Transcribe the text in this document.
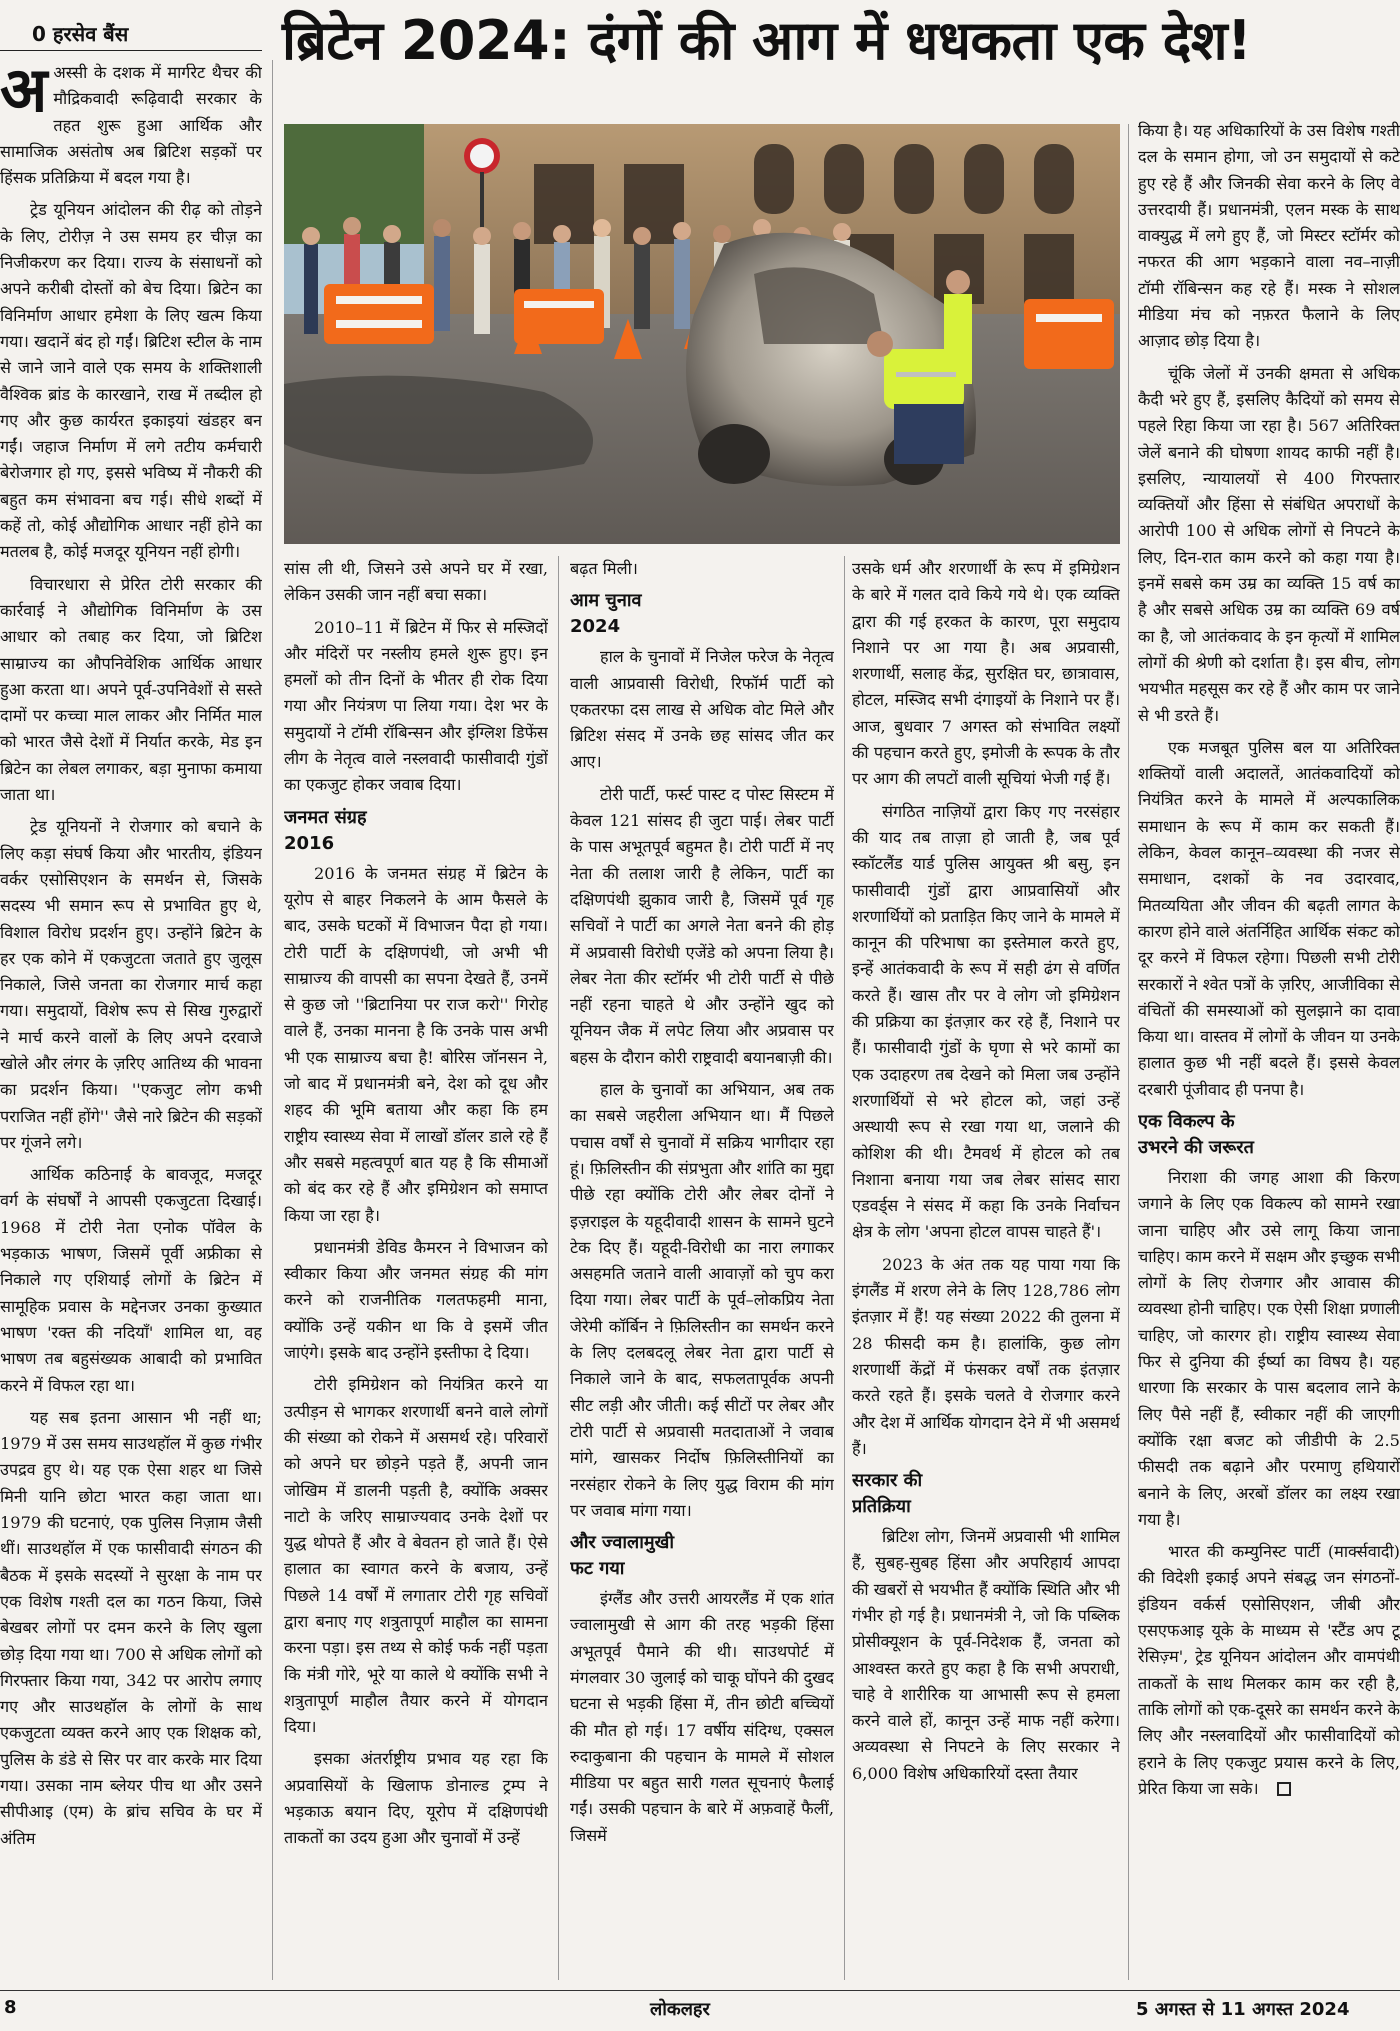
0 हरसेव बैंस	ब्रिटेन 2024: दंगों की आग में धधकता एक देश!

अअस्सी के दशक में मार्गरेट थैचर की मौद्रिकवादी रूढ़िवादी सरकार के तहत शुरू हुआ आर्थिक और सामाजिक असंतोष अब ब्रिटिश सड़कों पर हिंसक प्रतिक्रिया में बदल गया है।

ट्रेड यूनियन आंदोलन की रीढ़ को तोड़ने के लिए, टोरीज़ ने उस समय हर चीज़ का निजीकरण कर दिया। राज्य के संसाधनों को अपने करीबी दोस्तों को बेच दिया। ब्रिटेन का विनिर्माण आधार हमेशा के लिए खत्म किया गया। खदानें बंद हो गईं। ब्रिटिश स्टील के नाम से जाने जाने वाले एक समय के शक्तिशाली वैश्विक ब्रांड के कारखाने, राख में तब्दील हो गए और कुछ कार्यरत इकाइयां खंडहर बन गईं। जहाज निर्माण में लगे तटीय कर्मचारी बेरोजगार हो गए, इससे भविष्य में नौकरी की बहुत कम संभावना बच गई। सीधे शब्दों में कहें तो, कोई औद्योगिक आधार नहीं होने का मतलब है, कोई मजदूर यूनियन नहीं होगी।

विचारधारा से प्रेरित टोरी सरकार की कार्रवाई ने औद्योगिक विनिर्माण के उस आधार को तबाह कर दिया, जो ब्रिटिश साम्राज्य का औपनिवेशिक आर्थिक आधार हुआ करता था। अपने पूर्व-उपनिवेशों से सस्ते दामों पर कच्चा माल लाकर और निर्मित माल को भारत जैसे देशों में निर्यात करके, मेड इन ब्रिटेन का लेबल लगाकर, बड़ा मुनाफा कमाया जाता था।

ट्रेड यूनियनों ने रोजगार को बचाने के लिए कड़ा संघर्ष किया और भारतीय, इंडियन वर्कर एसोसिएशन के समर्थन से, जिसके सदस्य भी समान रूप से प्रभावित हुए थे, विशाल विरोध प्रदर्शन हुए। उन्होंने ब्रिटेन के हर एक कोने में एकजुटता जताते हुए जुलूस निकाले, जिसे जनता का रोजगार मार्च कहा गया। समुदायों, विशेष रूप से सिख गुरुद्वारों ने मार्च करने वालों के लिए अपने दरवाजे खोले और लंगर के ज़रिए आतिथ्य की भावना का प्रदर्शन किया। ''एकजुट लोग कभी पराजित नहीं होंगे'' जैसे नारे ब्रिटेन की सड़कों पर गूंजने लगे।

आर्थिक कठिनाई के बावजूद, मजदूर वर्ग के संघर्षों ने आपसी एकजुटता दिखाई। 1968 में टोरी नेता एनोक पॉवेल के भड़काऊ भाषण, जिसमें पूर्वी अफ्रीका से निकाले गए एशियाई लोगों के ब्रिटेन में सामूहिक प्रवास के मद्देनजर उनका कुख्यात भाषण 'रक्त की नदियाँ' शामिल था, वह भाषण तब बहुसंख्यक आबादी को प्रभावित करने में विफल रहा था।

यह सब इतना आसान भी नहीं था; 1979 में उस समय साउथहॉल में कुछ गंभीर उपद्रव हुए थे। यह एक ऐसा शहर था जिसे मिनी यानि छोटा भारत कहा जाता था। 1979 की घटनाएं, एक पुलिस निज़ाम जैसी थीं। साउथहॉल में एक फासीवादी संगठन की बैठक में इसके सदस्यों ने सुरक्षा के नाम पर एक विशेष गश्ती दल का गठन किया, जिसे बेखबर लोगों पर दमन करने के लिए खुला छोड़ दिया गया था। 700 से अधिक लोगों को गिरफ्तार किया गया, 342 पर आरोप लगाए गए और साउथहॉल के लोगों के साथ एकजुटता व्यक्त करने आए एक शिक्षक को, पुलिस के डंडे से सिर पर वार करके मार दिया गया। उसका नाम ब्लेयर पीच था और उसने सीपीआइ (एम) के ब्रांच सचिव के घर में अंतिम

सांस ली थी, जिसने उसे अपने घर में रखा, लेकिन उसकी जान नहीं बचा सका।

2010–11 में ब्रिटेन में फिर से मस्जिदों और मंदिरों पर नस्लीय हमले शुरू हुए। इन हमलों को तीन दिनों के भीतर ही रोक दिया गया और नियंत्रण पा लिया गया। देश भर के समुदायों ने टॉमी रॉबिन्सन और इंग्लिश डिफेंस लीग के नेतृत्व वाले नस्लवादी फासीवादी गुंडों का एकजुट होकर जवाब दिया।

जनमत संग्रह
2016

2016 के जनमत संग्रह में ब्रिटेन के यूरोप से बाहर निकलने के आम फैसले के बाद, उसके घटकों में विभाजन पैदा हो गया। टोरी पार्टी के दक्षिणपंथी, जो अभी भी साम्राज्य की वापसी का सपना देखते हैं, उनमें से कुछ जो ''ब्रिटानिया पर राज करो'' गिरोह वाले हैं, उनका मानना है कि उनके पास अभी भी एक साम्राज्य बचा है! बोरिस जॉनसन ने, जो बाद में प्रधानमंत्री बने, देश को दूध और शहद की भूमि बताया और कहा कि हम राष्ट्रीय स्वास्थ्य सेवा में लाखों डॉलर डाले रहे हैं और सबसे महत्वपूर्ण बात यह है कि सीमाओं को बंद कर रहे हैं और इमिग्रेशन को समाप्त किया जा रहा है।

प्रधानमंत्री डेविड कैमरन ने विभाजन को स्वीकार किया और जनमत संग्रह की मांग करने को राजनीतिक गलतफहमी माना, क्योंकि उन्हें यकीन था कि वे इसमें जीत जाएंगे। इसके बाद उन्होंने इस्तीफा दे दिया।

टोरी इमिग्रेशन को नियंत्रित करने या उत्पीड़न से भागकर शरणार्थी बनने वाले लोगों की संख्या को रोकने में असमर्थ रहे। परिवारों को अपने घर छोड़ने पड़ते हैं, अपनी जान जोखिम में डालनी पड़ती है, क्योंकि अक्सर नाटो के जरिए साम्राज्यवाद उनके देशों पर युद्ध थोपते हैं और वे बेवतन हो जाते हैं। ऐसे हालात का स्वागत करने के बजाय, उन्हें पिछले 14 वर्षों में लगातार टोरी गृह सचिवों द्वारा बनाए गए शत्रुतापूर्ण माहौल का सामना करना पड़ा। इस तथ्य से कोई फर्क नहीं पड़ता कि मंत्री गोरे, भूरे या काले थे क्योंकि सभी ने शत्रुतापूर्ण माहौल तैयार करने में योगदान दिया।

इसका अंतर्राष्ट्रीय प्रभाव यह रहा कि अप्रवासियों के खिलाफ डोनाल्ड ट्रम्प ने भड़काऊ बयान दिए, यूरोप में दक्षिणपंथी ताकतों का उदय हुआ और चुनावों में उन्हें

बढ़त मिली।

आम चुनाव
2024

हाल के चुनावों में निजेल फरेज के नेतृत्व वाली आप्रवासी विरोधी, रिफॉर्म पार्टी को एकतरफा दस लाख से अधिक वोट मिले और ब्रिटिश संसद में उनके छह सांसद जीत कर आए।

टोरी पार्टी, फर्स्ट पास्ट द पोस्ट सिस्टम में केवल 121 सांसद ही जुटा पाई। लेबर पार्टी के पास अभूतपूर्व बहुमत है। टोरी पार्टी में नए नेता की तलाश जारी है लेकिन, पार्टी का दक्षिणपंथी झुकाव जारी है, जिसमें पूर्व गृह सचिवों ने पार्टी का अगले नेता बनने की होड़ में अप्रवासी विरोधी एजेंडे को अपना लिया है। लेबर नेता कीर स्टॉर्मर भी टोरी पार्टी से पीछे नहीं रहना चाहते थे और उन्होंने खुद को यूनियन जैक में लपेट लिया और अप्रवास पर बहस के दौरान कोरी राष्ट्रवादी बयानबाज़ी की।

हाल के चुनावों का अभियान, अब तक का सबसे जहरीला अभियान था। मैं पिछले पचास वर्षों से चुनावों में सक्रिय भागीदार रहा हूं। फ़िलिस्तीन की संप्रभुता और शांति का मुद्दा पीछे रहा क्योंकि टोरी और लेबर दोनों ने इज़राइल के यहूदीवादी शासन के सामने घुटने टेक दिए हैं। यहूदी-विरोधी का नारा लगाकर असहमति जताने वाली आवाज़ों को चुप करा दिया गया। लेबर पार्टी के पूर्व–लोकप्रिय नेता जेरेमी कॉर्बिन ने फ़िलिस्तीन का समर्थन करने के लिए दलबदलू लेबर नेता द्वारा पार्टी से निकाले जाने के बाद, सफलतापूर्वक अपनी सीट लड़ी और जीती। कई सीटों पर लेबर और टोरी पार्टी से अप्रवासी मतदाताओं ने जवाब मांगे, खासकर निर्दोष फ़िलिस्तीनियों का नरसंहार रोकने के लिए युद्ध विराम की मांग पर जवाब मांगा गया।

और ज्वालामुखी
फट गया

इंग्लैंड और उत्तरी आयरलैंड में एक शांत ज्वालामुखी से आग की तरह भड़की हिंसा अभूतपूर्व पैमाने की थी। साउथपोर्ट में मंगलवार 30 जुलाई को चाकू घोंपने की दुखद घटना से भड़की हिंसा में, तीन छोटी बच्चियों की मौत हो गई। 17 वर्षीय संदिग्ध, एक्सल रुदाकुबाना की पहचान के मामले में सोशल मीडिया पर बहुत सारी गलत सूचनाएं फैलाई गईं। उसकी पहचान के बारे में अफ़वाहें फैलीं, जिसमें

उसके धर्म और शरणार्थी के रूप में इमिग्रेशन के बारे में गलत दावे किये गये थे। एक व्यक्ति द्वारा की गई हरकत के कारण, पूरा समुदाय निशाने पर आ गया है। अब अप्रवासी, शरणार्थी, सलाह केंद्र, सुरक्षित घर, छात्रावास, होटल, मस्जिद सभी दंगाइयों के निशाने पर हैं। आज, बुधवार 7 अगस्त को संभावित लक्ष्यों की पहचान करते हुए, इमोजी के रूपक के तौर पर आग की लपटों वाली सूचियां भेजी गई हैं।

संगठित नाज़ियों द्वारा किए गए नरसंहार की याद तब ताज़ा हो जाती है, जब पूर्व स्कॉटलैंड यार्ड पुलिस आयुक्त श्री बसु, इन फासीवादी गुंडों द्वारा आप्रवासियों और शरणार्थियों को प्रताड़ित किए जाने के मामले में कानून की परिभाषा का इस्तेमाल करते हुए, इन्हें आतंकवादी के रूप में सही ढंग से वर्णित करते हैं। खास तौर पर वे लोग जो इमिग्रेशन की प्रक्रिया का इंतज़ार कर रहे हैं, निशाने पर हैं। फासीवादी गुंडों के घृणा से भरे कामों का एक उदाहरण तब देखने को मिला जब उन्होंने शरणार्थियों से भरे होटल को, जहां उन्हें अस्थायी रूप से रखा गया था, जलाने की कोशिश की थी। टैमवर्थ में होटल को तब निशाना बनाया गया जब लेबर सांसद सारा एडवर्ड्स ने संसद में कहा कि उनके निर्वाचन क्षेत्र के लोग 'अपना होटल वापस चाहते हैं'।

2023 के अंत तक यह पाया गया कि इंगलैंड में शरण लेने के लिए 128,786 लोग इंतज़ार में हैं! यह संख्या 2022 की तुलना में 28 फीसदी कम है। हालांकि, कुछ लोग शरणार्थी केंद्रों में फंसकर वर्षों तक इंतज़ार करते रहते हैं। इसके चलते वे रोजगार करने और देश में आर्थिक योगदान देने में भी असमर्थ हैं।

सरकार की
प्रतिक्रिया

ब्रिटिश लोग, जिनमें अप्रवासी भी शामिल हैं, सुबह-सुबह हिंसा और अपरिहार्य आपदा की खबरों से भयभीत हैं क्योंकि स्थिति और भी गंभीर हो गई है। प्रधानमंत्री ने, जो कि पब्लिक प्रोसीक्यूशन के पूर्व-निदेशक हैं, जनता को आश्वस्त करते हुए कहा है कि सभी अपराधी, चाहे वे शारीरिक या आभासी रूप से हमला करने वाले हों, कानून उन्हें माफ नहीं करेगा। अव्यवस्था से निपटने के लिए सरकार ने 6,000 विशेष अधिकारियों दस्ता तैयार

किया है। यह अधिकारियों के उस विशेष गश्ती दल के समान होगा, जो उन समुदायों से कटे हुए रहे हैं और जिनकी सेवा करने के लिए वे उत्तरदायी हैं। प्रधानमंत्री, एलन मस्क के साथ वाक्युद्ध में लगे हुए हैं, जो मिस्टर स्टॉर्मर को नफरत की आग भड़काने वाला नव–नाज़ी टॉमी रॉबिन्सन कह रहे हैं। मस्क ने सोशल मीडिया मंच को नफ़रत फैलाने के लिए आज़ाद छोड़ दिया है।

चूंकि जेलों में उनकी क्षमता से अधिक कैदी भरे हुए हैं, इसलिए कैदियों को समय से पहले रिहा किया जा रहा है। 567 अतिरिक्त जेलें बनाने की घोषणा शायद काफी नहीं है। इसलिए, न्यायालयों से 400 गिरफ्तार व्यक्तियों और हिंसा से संबंधित अपराधों के आरोपी 100 से अधिक लोगों से निपटने के लिए, दिन-रात काम करने को कहा गया है। इनमें सबसे कम उम्र का व्यक्ति 15 वर्ष का है और सबसे अधिक उम्र का व्यक्ति 69 वर्ष का है, जो आतंकवाद के इन कृत्यों में शामिल लोगों की श्रेणी को दर्शाता है। इस बीच, लोग भयभीत महसूस कर रहे हैं और काम पर जाने से भी डरते हैं।

एक मजबूत पुलिस बल या अतिरिक्त शक्तियों वाली अदालतें, आतंकवादियों को नियंत्रित करने के मामले में अल्पकालिक समाधान के रूप में काम कर सकती हैं। लेकिन, केवल कानून–व्यवस्था की नजर से समाधान, दशकों के नव उदारवाद, मितव्ययिता और जीवन की बढ़ती लागत के कारण होने वाले अंतर्निहित आर्थिक संकट को दूर करने में विफल रहेगा। पिछली सभी टोरी सरकारों ने श्वेत पत्रों के ज़रिए, आजीविका से वंचितों की समस्याओं को सुलझाने का दावा किया था। वास्तव में लोगों के जीवन या उनके हालात कुछ भी नहीं बदले हैं। इससे केवल दरबारी पूंजीवाद ही पनपा है।

एक विकल्प के
उभरने की जरूरत

निराशा की जगह आशा की किरण जगाने के लिए एक विकल्प को सामने रखा जाना चाहिए और उसे लागू किया जाना चाहिए। काम करने में सक्षम और इच्छुक सभी लोगों के लिए रोजगार और आवास की व्यवस्था होनी चाहिए। एक ऐसी शिक्षा प्रणाली चाहिए, जो कारगर हो। राष्ट्रीय स्वास्थ्य सेवा फिर से दुनिया की ईर्ष्या का विषय है। यह धारणा कि सरकार के पास बदलाव लाने के लिए पैसे नहीं हैं, स्वीकार नहीं की जाएगी क्योंकि रक्षा बजट को जीडीपी के 2.5 फीसदी तक बढ़ाने और परमाणु हथियारों बनाने के लिए, अरबों डॉलर का लक्ष्य रखा गया है।

भारत की कम्युनिस्ट पार्टी (मार्क्सवादी) की विदेशी इकाई अपने संबद्ध जन संगठनों-इंडियन वर्कर्स एसोसिएशन, जीबी और एसएफआइ यूके के माध्यम से 'स्टैंड अप टू रेसिज़्म', ट्रेड यूनियन आंदोलन और वामपंथी ताकतों के साथ मिलकर काम कर रही है, ताकि लोगों को एक-दूसरे का समर्थन करने के लिए और नस्लवादियों और फासीवादियों को हराने के लिए एकजुट प्रयास करने के लिए, प्रेरित किया जा सके।

8	लोकलहर	5 अगस्त से 11 अगस्त 2024
